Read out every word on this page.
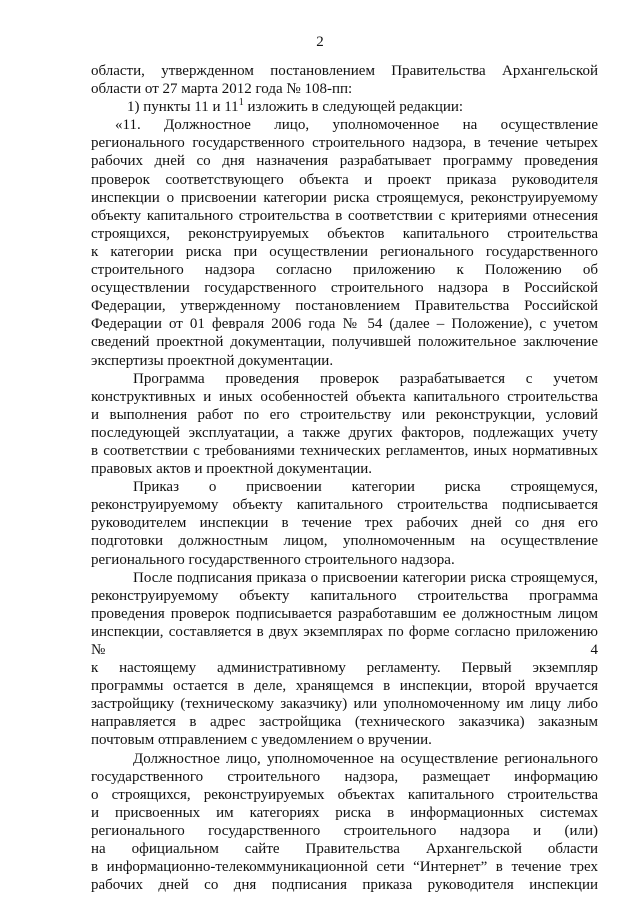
2

области, утвержденном постановлением Правительства Архангельской

области от 27 марта 2012 года № 108-пп:

1) пункты 11 и $11^1$ изложить в следующей редакции:

«11. Должностное лицо, уполномоченное на осуществление

регионального государственного строительного надзора, в течение четырех

рабочих дней со дня назначения разрабатывает программу проведения

проверок соответствующего объекта и проект приказа руководителя

инспекции о присвоении категории риска строящемуся, реконструируемому

объекту капитального строительства в соответствии с критериями отнесения

строящихся, реконструируемых объектов капитального строительства

к категории риска при осуществлении регионального государственного

строительного надзора согласно приложению к Положению об

осуществлении государственного строительного надзора в Российской

Федерации, утвержденному постановлением Правительства Российской

Федерации от 01 февраля 2006 года № 54 (далее – Положение), с учетом

сведений проектной документации, получившей положительное заключение

экспертизы проектной документации.

Программа проведения проверок разрабатывается с учетом

конструктивных и иных особенностей объекта капитального строительства

и выполнения работ по его строительству или реконструкции, условий

последующей эксплуатации, а также других факторов, подлежащих учету

в соответствии с требованиями технических регламентов, иных нормативных

правовых актов и проектной документации.

Приказ о присвоении категории риска строящемуся,

реконструируемому объекту капитального строительства подписывается

руководителем инспекции в течение трех рабочих дней со дня его

подготовки должностным лицом, уполномоченным на осуществление

регионального государственного строительного надзора.

После подписания приказа о присвоении категории риска строящемуся,

реконструируемому объекту капитального строительства программа

проведения проверок подписывается разработавшим ее должностным лицом

инспекции, составляется в двух экземплярах по форме согласно приложению № 4

к настоящему административному регламенту. Первый экземпляр

программы остается в деле, хранящемся в инспекции, второй вручается

застройщику (техническому заказчику) или уполномоченному им лицу либо

направляется в адрес застройщика (технического заказчика) заказным

почтовым отправлением с уведомлением о вручении.

Должностное лицо, уполномоченное на осуществление регионального

государственного строительного надзора, размещает информацию

о строящихся, реконструируемых объектах капитального строительства

и присвоенных им категориях риска в информационных системах

регионального государственного строительного надзора и (или)

на официальном сайте Правительства Архангельской области

в информационно-телекоммуникационной сети “Интернет” в течение трех

рабочих дней со дня подписания приказа руководителя инспекции
